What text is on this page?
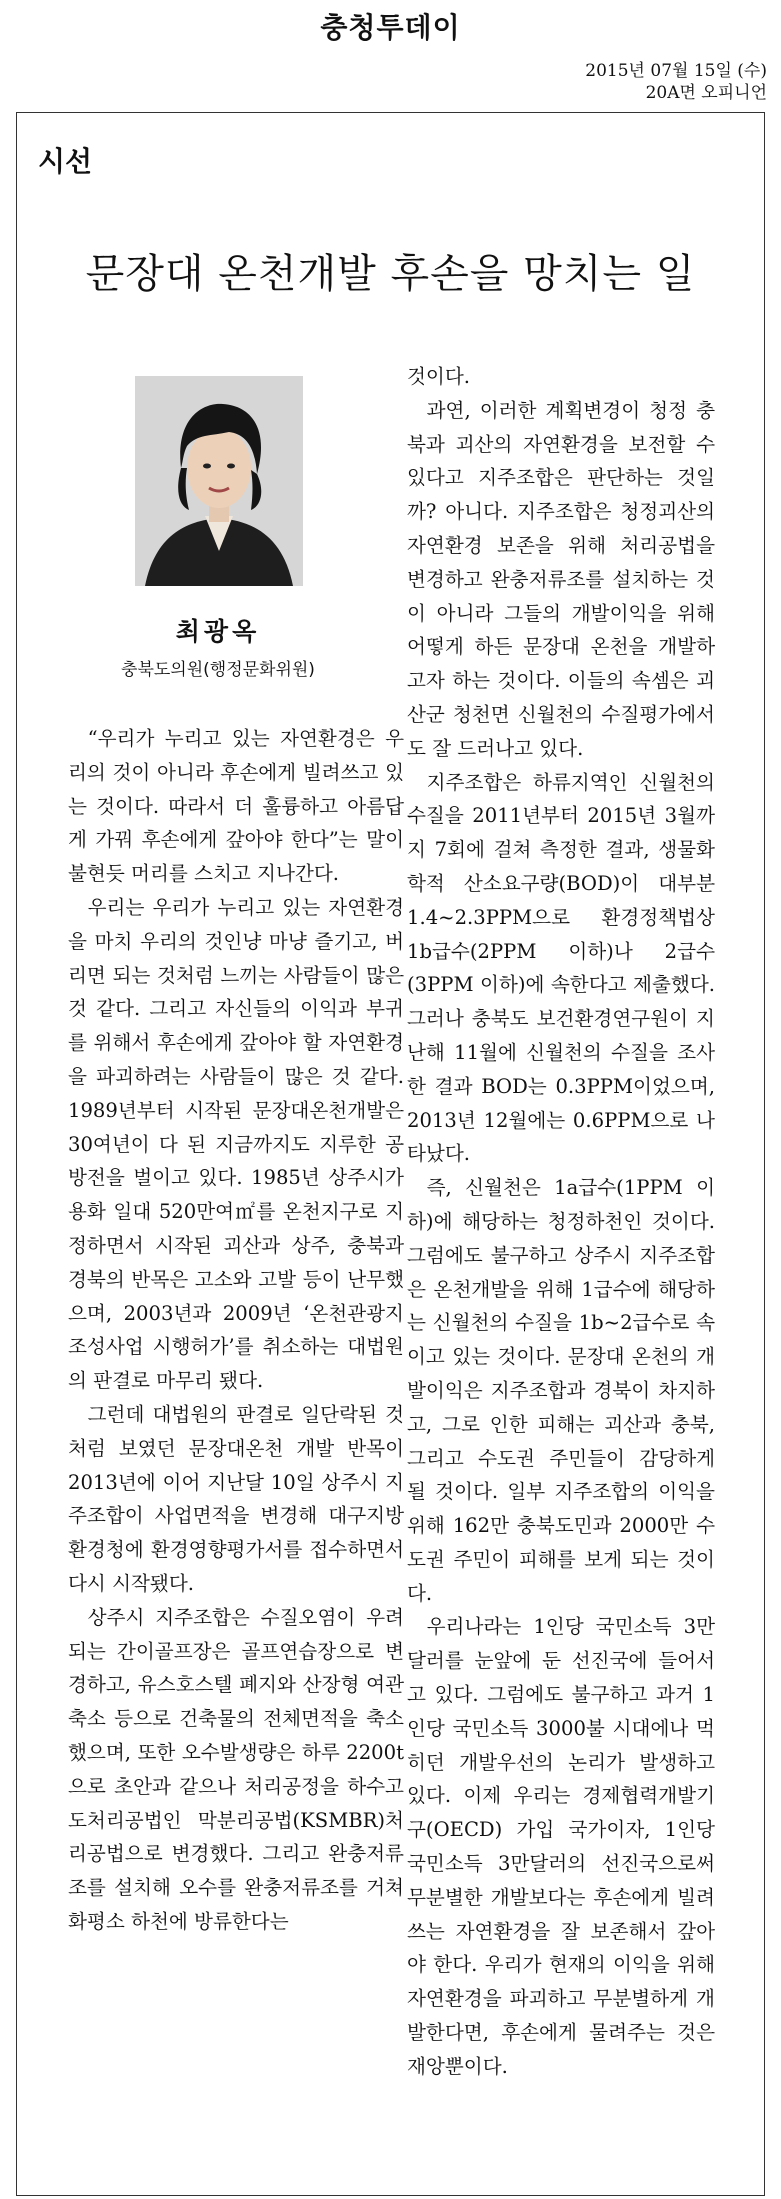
충청투데이
2015년 07월 15일 (수)
20A면 오피니언
시선
문장대 온천개발 후손을 망치는 일
최광옥
충북도의원(행정문화위원)

“우리가 누리고 있는 자연환경은 우리의 것이 아니라 후손에게 빌려쓰고 있는 것이다. 따라서 더 훌륭하고 아름답게 가꿔 후손에게 갚아야 한다”는 말이 불현듯 머리를 스치고 지나간다.

우리는 우리가 누리고 있는 자연환경을 마치 우리의 것인냥 마냥 즐기고, 버리면 되는 것처럼 느끼는 사람들이 많은 것 같다. 그리고 자신들의 이익과 부귀를 위해서 후손에게 갚아야 할 자연환경을 파괴하려는 사람들이 많은 것 같다. 1989년부터 시작된 문장대온천개발은 30여년이 다 된 지금까지도 지루한 공방전을 벌이고 있다. 1985년 상주시가 용화 일대 520만여㎡를 온천지구로 지정하면서 시작된 괴산과 상주, 충북과 경북의 반목은 고소와 고발 등이 난무했으며, 2003년과 2009년 ‘온천관광지 조성사업 시행허가’를 취소하는 대법원의 판결로 마무리 됐다.

그런데 대법원의 판결로 일단락된 것처럼 보였던 문장대온천 개발 반목이 2013년에 이어 지난달 10일 상주시 지주조합이 사업면적을 변경해 대구지방환경청에 환경영향평가서를 접수하면서 다시 시작됐다.

상주시 지주조합은 수질오염이 우려되는 간이골프장은 골프연습장으로 변경하고, 유스호스텔 폐지와 산장형 여관 축소 등으로 건축물의 전체면적을 축소했으며, 또한 오수발생량은 하루 2200t으로 초안과 같으나 처리공정을 하수고도처리공법인 막분리공법(KSMBR)처리공법으로 변경했다. 그리고 완충저류조를 설치해 오수를 완충저류조를 거쳐 화평소 하천에 방류한다는

것이다.

과연, 이러한 계획변경이 청정 충북과 괴산의 자연환경을 보전할 수 있다고 지주조합은 판단하는 것일까? 아니다. 지주조합은 청정괴산의 자연환경 보존을 위해 처리공법을 변경하고 완충저류조를 설치하는 것이 아니라 그들의 개발이익을 위해 어떻게 하든 문장대 온천을 개발하고자 하는 것이다. 이들의 속셈은 괴산군 청천면 신월천의 수질평가에서도 잘 드러나고 있다.

지주조합은 하류지역인 신월천의 수질을 2011년부터 2015년 3월까지 7회에 걸쳐 측정한 결과, 생물화학적 산소요구량(BOD)이 대부분 1.4~2.3PPM으로 환경정책법상 1b급수(2PPM 이하)나 2급수(3PPM 이하)에 속한다고 제출했다. 그러나 충북도 보건환경연구원이 지난해 11월에 신월천의 수질을 조사한 결과 BOD는 0.3PPM이었으며, 2013년 12월에는 0.6PPM으로 나타났다.

즉, 신월천은 1a급수(1PPM 이하)에 해당하는 청정하천인 것이다. 그럼에도 불구하고 상주시 지주조합은 온천개발을 위해 1급수에 해당하는 신월천의 수질을 1b~2급수로 속이고 있는 것이다. 문장대 온천의 개발이익은 지주조합과 경북이 차지하고, 그로 인한 피해는 괴산과 충북, 그리고 수도권 주민들이 감당하게 될 것이다. 일부 지주조합의 이익을 위해 162만 충북도민과 2000만 수도권 주민이 피해를 보게 되는 것이다.

우리나라는 1인당 국민소득 3만달러를 눈앞에 둔 선진국에 들어서고 있다. 그럼에도 불구하고 과거 1인당 국민소득 3000불 시대에나 먹히던 개발우선의 논리가 발생하고 있다. 이제 우리는 경제협력개발기구(OECD) 가입 국가이자, 1인당 국민소득 3만달러의 선진국으로써 무분별한 개발보다는 후손에게 빌려쓰는 자연환경을 잘 보존해서 갚아야 한다. 우리가 현재의 이익을 위해 자연환경을 파괴하고 무분별하게 개발한다면, 후손에게 물려주는 것은 재앙뿐이다.
